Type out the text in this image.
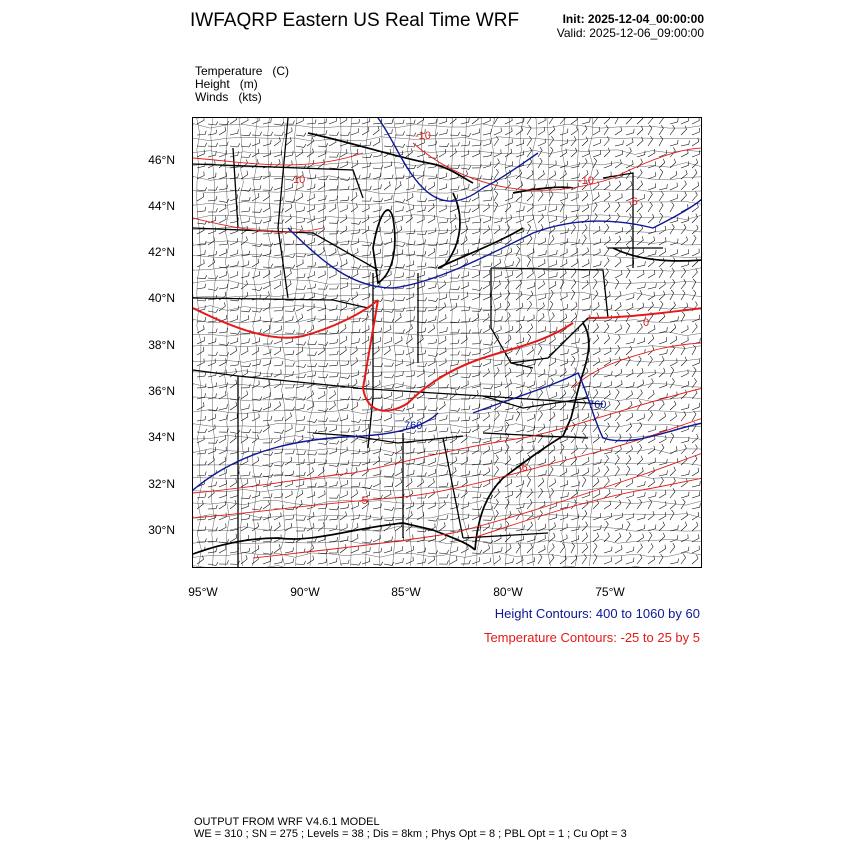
IWFAQRP Eastern US Real Time WRF	Init: 2025-12-04_00:00:00
Valid: 2025-12-06_09:00:00
Temperature (C)
Height (m)
Winds (kts)
46°N
44°N
42°N
40°N
38°N
36°N
34°N
32°N
30°N
95°W	90°W	85°W	80°W	75°W
-10
-10
0
-6
-5
10
-6
760
760
Height Contours: 400 to 1060 by 60
Temperature Contours: -25 to 25 by 5
OUTPUT FROM WRF V4.6.1 MODEL
WE = 310 ; SN = 275 ; Levels = 38 ; Dis = 8km ; Phys Opt = 8 ; PBL Opt = 1 ; Cu Opt = 3
